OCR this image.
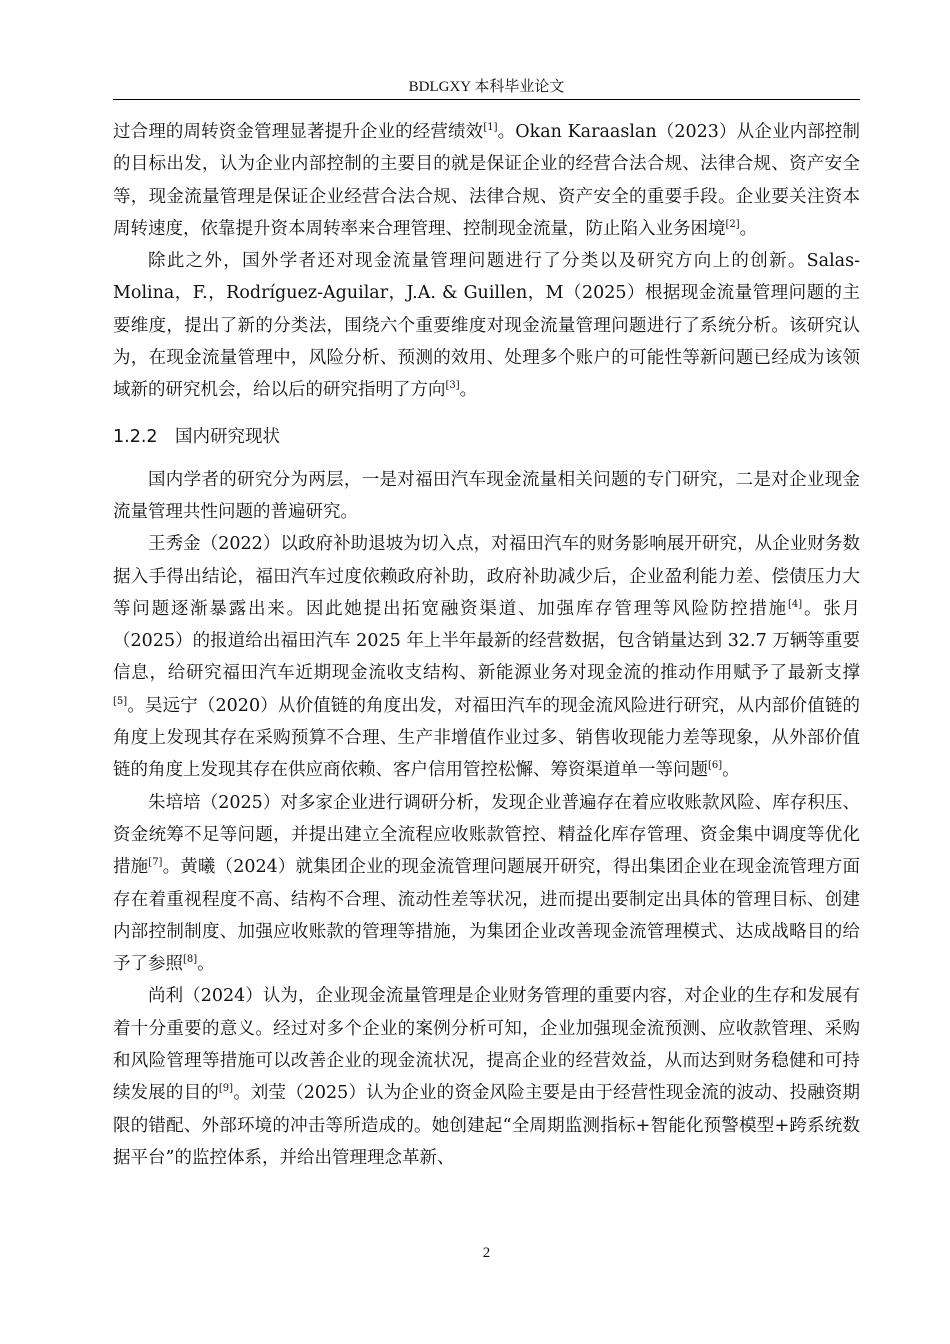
BDLGXY 本科毕业论文

过合理的周转资金管理显著提升企业的经营绩效[1]。Okan Karaaslan（2023）从企业内部控制的目标出发，认为企业内部控制的主要目的就是保证企业的经营合法合规、法律合规、资产安全等，现金流量管理是保证企业经营合法合规、法律合规、资产安全的重要手段。企业要关注资本周转速度，依靠提升资本周转率来合理管理、控制现金流量，防止陷入业务困境[2]。

除此之外，国外学者还对现金流量管理问题进行了分类以及研究方向上的创新。Salas-Molina，F.，Rodríguez-Aguilar，J.A. & Guillen，M（2025）根据现金流量管理问题的主要维度，提出了新的分类法，围绕六个重要维度对现金流量管理问题进行了系统分析。该研究认为，在现金流量管理中，风险分析、预测的效用、处理多个账户的可能性等新问题已经成为该领域新的研究机会，给以后的研究指明了方向[3]。

1.2.2 国内研究现状

国内学者的研究分为两层，一是对福田汽车现金流量相关问题的专门研究，二是对企业现金流量管理共性问题的普遍研究。

王秀金（2022）以政府补助退坡为切入点，对福田汽车的财务影响展开研究，从企业财务数据入手得出结论，福田汽车过度依赖政府补助，政府补助减少后，企业盈利能力差、偿债压力大等问题逐渐暴露出来。因此她提出拓宽融资渠道、加强库存管理等风险防控措施[4]。张月（2025）的报道给出福田汽车 2025 年上半年最新的经营数据，包含销量达到 32.7 万辆等重要信息，给研究福田汽车近期现金流收支结构、新能源业务对现金流的推动作用赋予了最新支撑[5]。吴远宁（2020）从价值链的角度出发，对福田汽车的现金流风险进行研究，从内部价值链的角度上发现其存在采购预算不合理、生产非增值作业过多、销售收现能力差等现象，从外部价值链的角度上发现其存在供应商依赖、客户信用管控松懈、筹资渠道单一等问题[6]。

朱培培（2025）对多家企业进行调研分析，发现企业普遍存在着应收账款风险、库存积压、资金统筹不足等问题，并提出建立全流程应收账款管控、精益化库存管理、资金集中调度等优化措施[7]。黄曦（2024）就集团企业的现金流管理问题展开研究，得出集团企业在现金流管理方面存在着重视程度不高、结构不合理、流动性差等状况，进而提出要制定出具体的管理目标、创建内部控制制度、加强应收账款的管理等措施，为集团企业改善现金流管理模式、达成战略目的给予了参照[8]。

尚利（2024）认为，企业现金流量管理是企业财务管理的重要内容，对企业的生存和发展有着十分重要的意义。经过对多个企业的案例分析可知，企业加强现金流预测、应收款管理、采购和风险管理等措施可以改善企业的现金流状况，提高企业的经营效益，从而达到财务稳健和可持续发展的目的[9]。刘莹（2025）认为企业的资金风险主要是由于经营性现金流的波动、投融资期限的错配、外部环境的冲击等所造成的。她创建起“全周期监测指标+智能化预警模型+跨系统数据平台”的监控体系，并给出管理理念革新、

2
